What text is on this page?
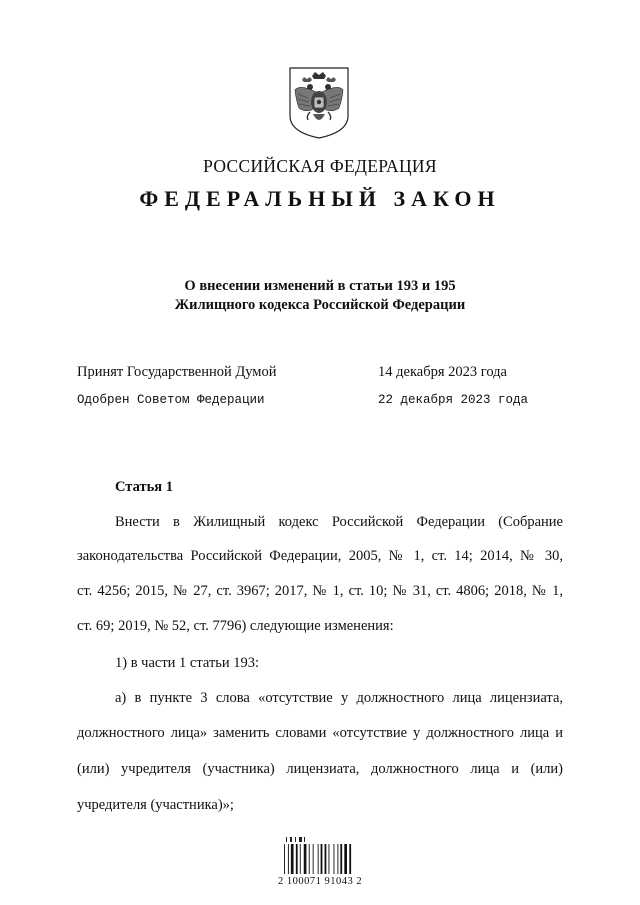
РОССИЙСКАЯ ФЕДЕРАЦИЯ
ФЕДЕРАЛЬНЫЙ ЗАКОН
О внесении изменений в статьи 193 и 195
Жилищного кодекса Российской Федерации
Принят Государственной Думой	14 декабря 2023 года
Одобрен Советом Федерации	22 декабря 2023 года
Статья 1
Внести в Жилищный кодекс Российской Федерации (Собрание
законодательства Российской Федерации, 2005, № 1, ст. 14; 2014, № 30,
ст. 4256; 2015, № 27, ст. 3967; 2017, № 1, ст. 10; № 31, ст. 4806; 2018, № 1,
ст. 69; 2019, № 52, ст. 7796) следующие изменения:
1) в части 1 статьи 193:
а) в пункте 3 слова «отсутствие у должностного лица лицензиата,
должностного лица» заменить словами «отсутствие у должностного лица и
(или) учредителя (участника) лицензиата, должностного лица и (или)
учредителя (участника)»;
2 100071 91043 2
